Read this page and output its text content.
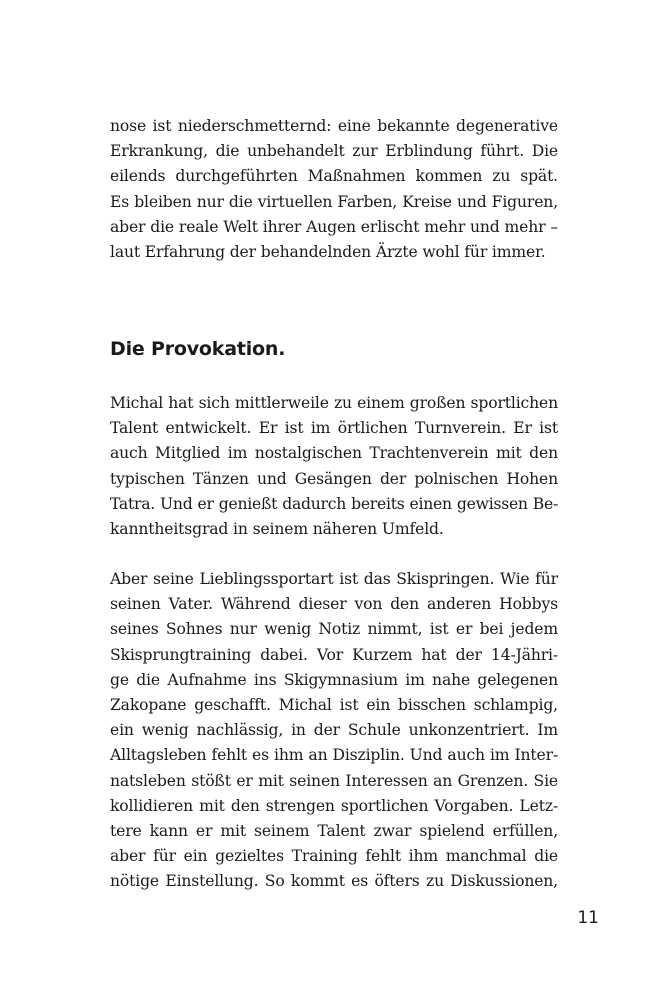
nose ist niederschmetternd: eine bekannte degenerative
Erkrankung, die unbehandelt zur Erblindung führt. Die
eilends durchgeführten Maßnahmen kommen zu spät.
Es bleiben nur die virtuellen Farben, Kreise und Figuren,
aber die reale Welt ihrer Augen erlischt mehr und mehr –
laut Erfahrung der behandelnden Ärzte wohl für immer.
Die Provokation.
Michal hat sich mittlerweile zu einem großen sportlichen
Talent entwickelt. Er ist im örtlichen Turnverein. Er ist
auch Mitglied im nostalgischen Trachtenverein mit den
typischen Tänzen und Gesängen der polnischen Hohen
Tatra. Und er genießt dadurch bereits einen gewissen Be-
kanntheitsgrad in seinem näheren Umfeld.
Aber seine Lieblingssportart ist das Skispringen. Wie für
seinen Vater. Während dieser von den anderen Hobbys
seines Sohnes nur wenig Notiz nimmt, ist er bei jedem
Skisprungtraining dabei. Vor Kurzem hat der 14-Jähri-
ge die Aufnahme ins Skigymnasium im nahe gelegenen
Zakopane geschafft. Michal ist ein bisschen schlampig,
ein wenig nachlässig, in der Schule unkonzentriert. Im
Alltagsleben fehlt es ihm an Disziplin. Und auch im Inter-
natsleben stößt er mit seinen Interessen an Grenzen. Sie
kollidieren mit den strengen sportlichen Vorgaben. Letz-
tere kann er mit seinem Talent zwar spielend erfüllen,
aber für ein gezieltes Training fehlt ihm manchmal die
nötige Einstellung. So kommt es öfters zu Diskussionen,
11
